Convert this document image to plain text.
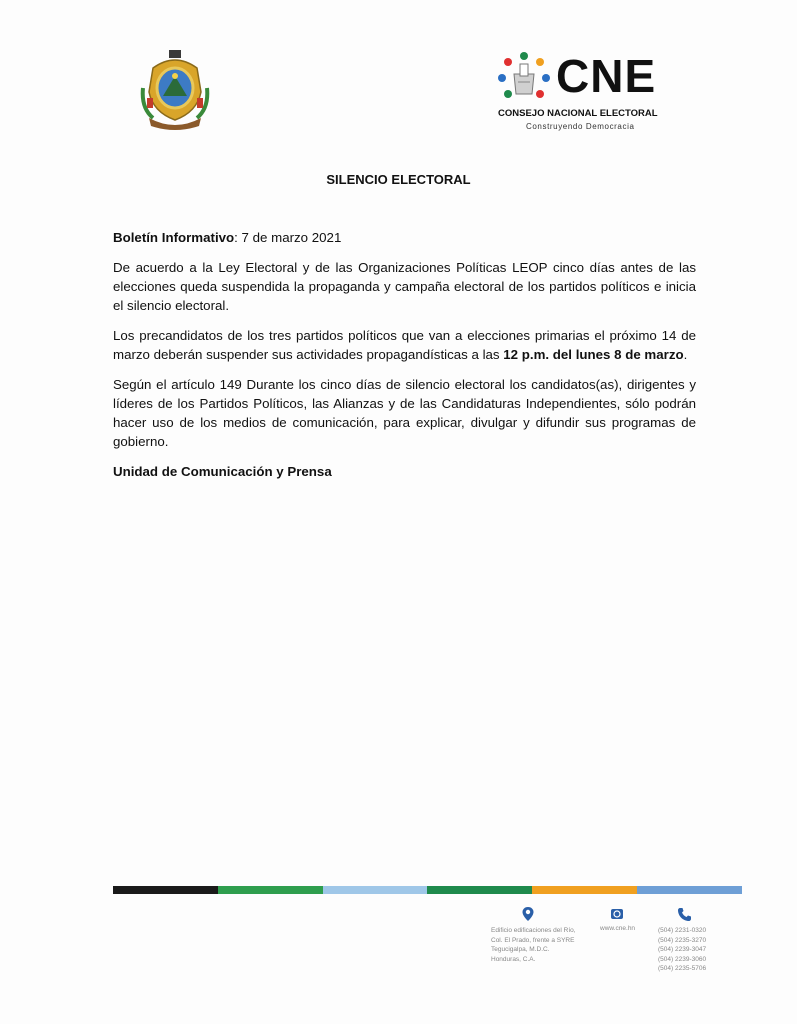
CNE
CONSEJO NACIONAL ELECTORAL
Construyendo Democracia
SILENCIO ELECTORAL

Boletín Informativo: 7 de marzo 2021

De acuerdo a la Ley Electoral y de las Organizaciones Políticas LEOP cinco días antes de las elecciones queda suspendida la propaganda y campaña electoral de los partidos políticos e inicia el silencio electoral.

Los precandidatos de los tres partidos políticos que van a elecciones primarias el próximo 14 de marzo deberán suspender sus actividades propagandísticas a las 12 p.m. del lunes 8 de marzo.

Según el artículo 149 Durante los cinco días de silencio electoral los candidatos(as), dirigentes y líderes de los Partidos Políticos, las Alianzas y de las Candidaturas Independientes, sólo podrán hacer uso de los medios de comunicación, para explicar, divulgar y difundir sus programas de gobierno.

Unidad de Comunicación y Prensa

Edificio edificaciones del Río,
Col. El Prado, frente a SYRE
Tegucigalpa, M.D.C.
Honduras, C.A.
www.cne.hn	(504) 2231-0320
(504) 2235-3270
(504) 2239-3047
(504) 2239-3060
(504) 2235-5706
